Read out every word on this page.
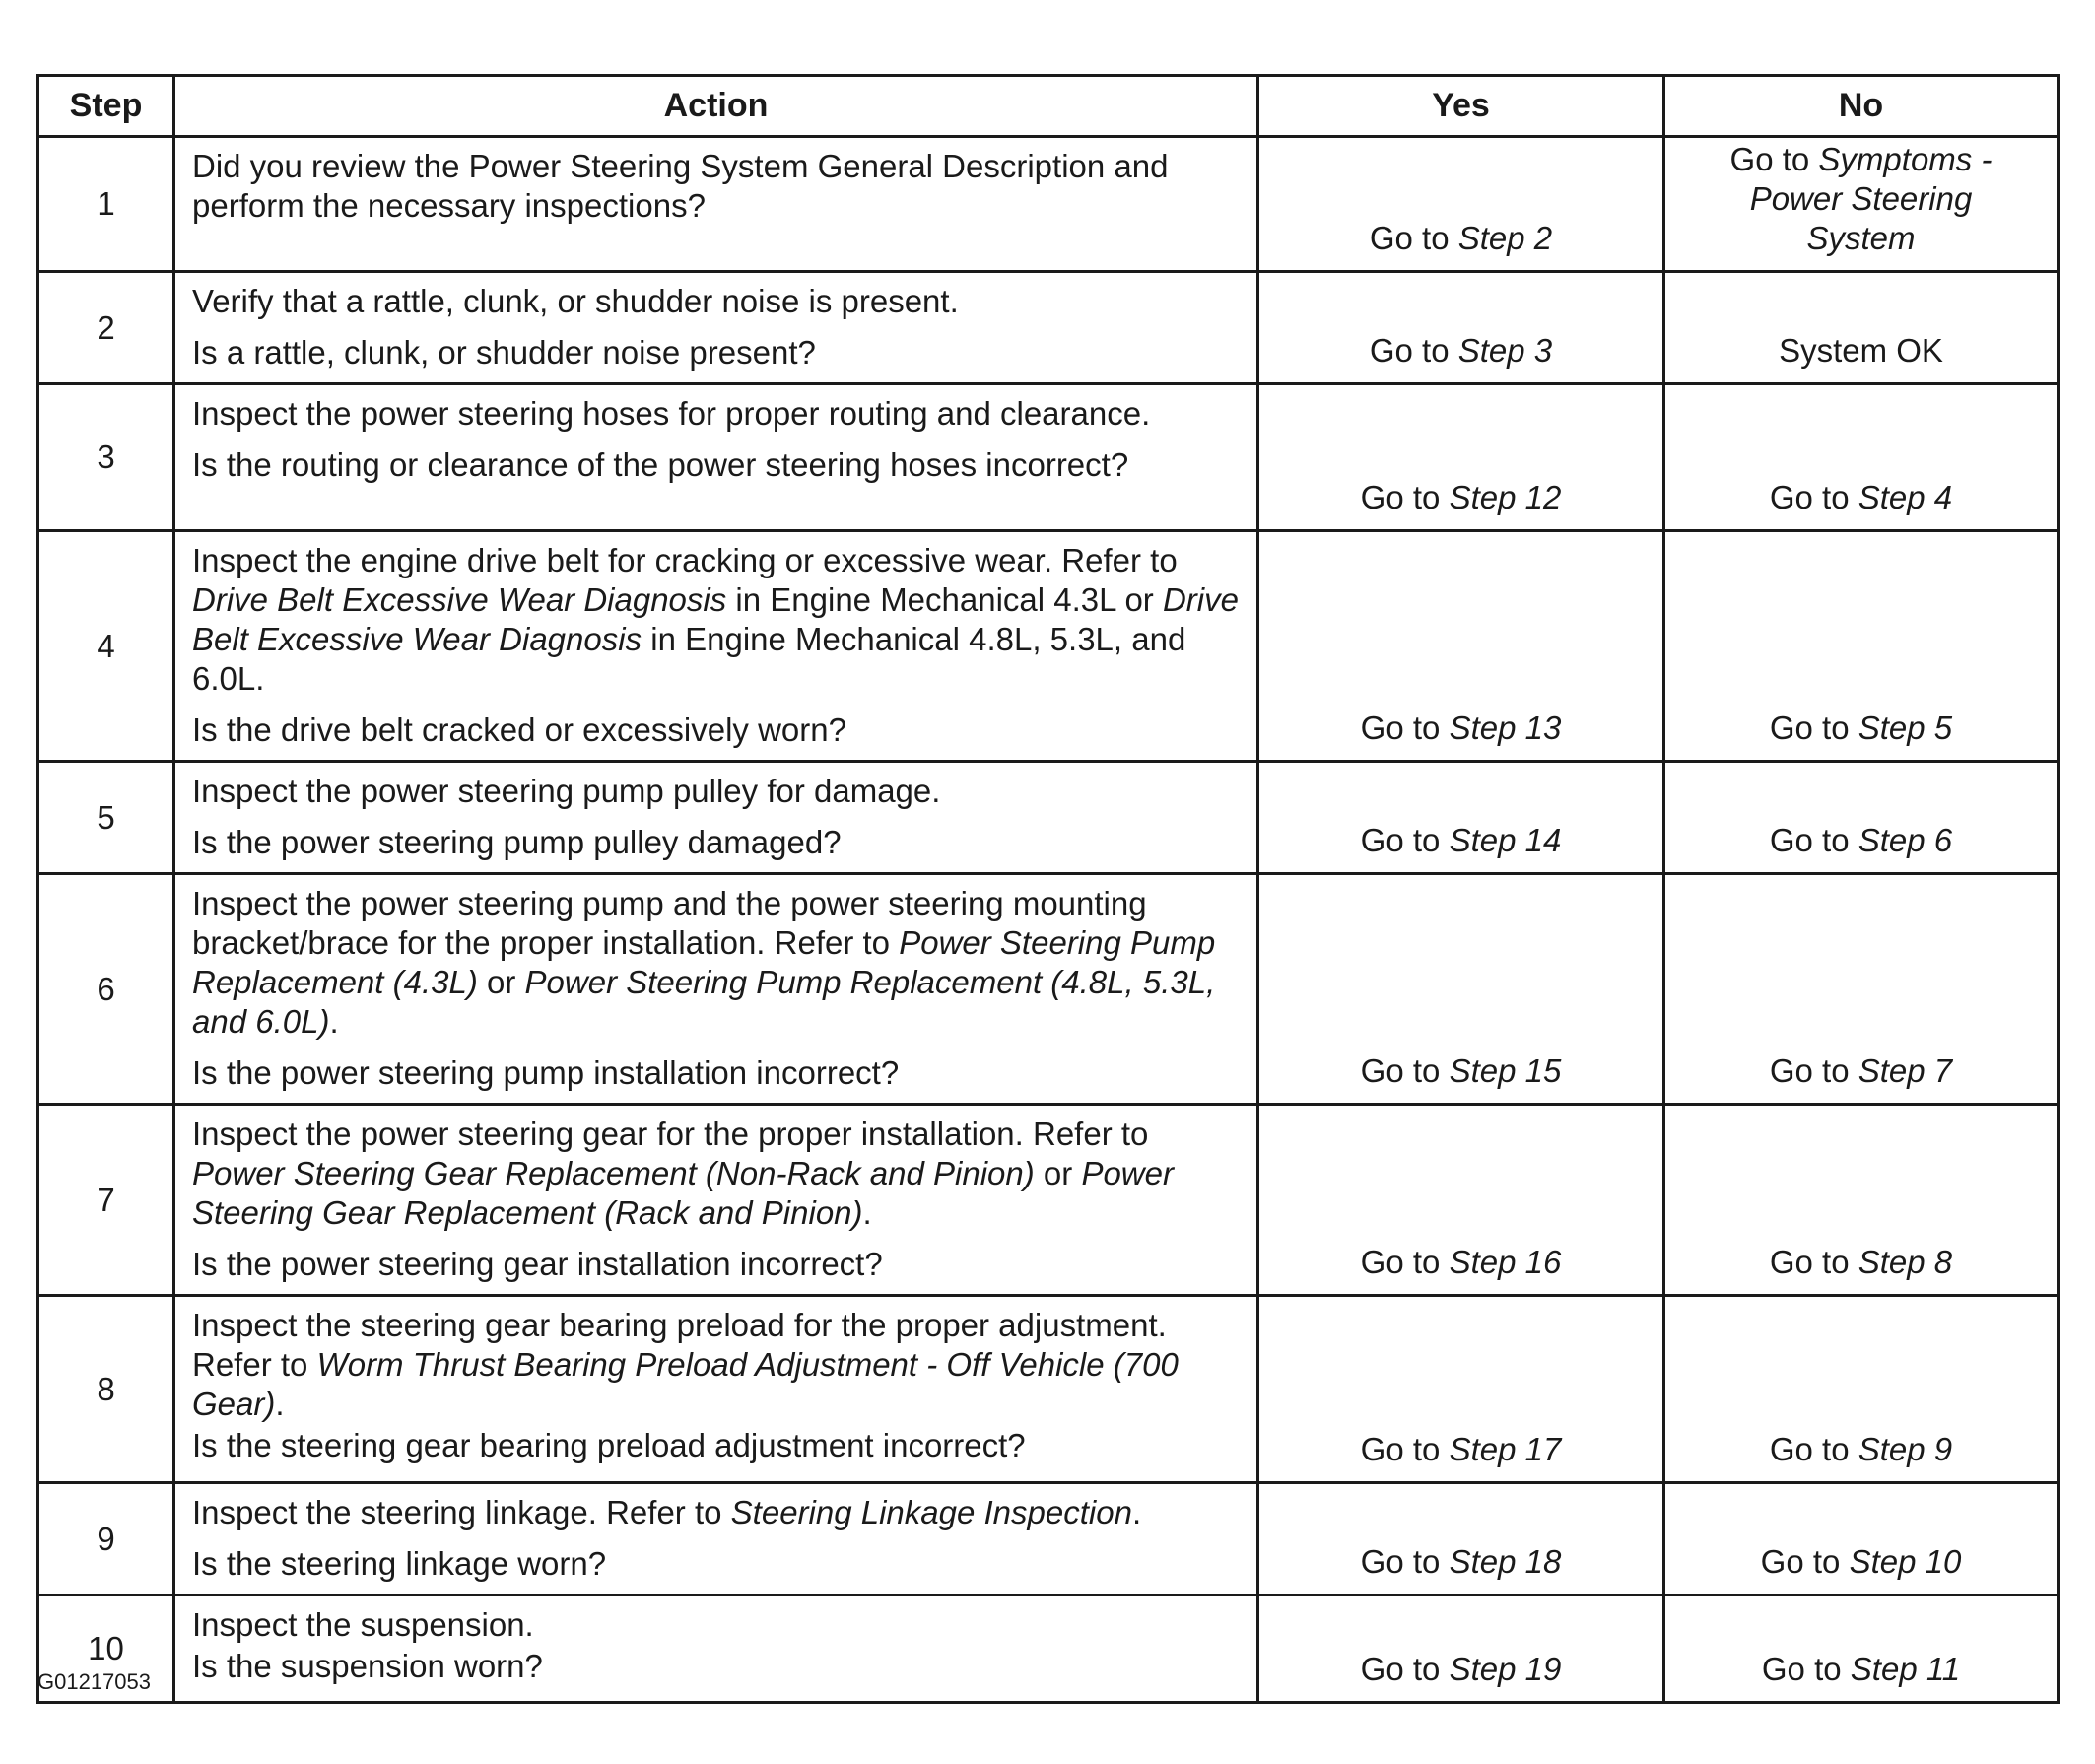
Step	Action	Yes	No
1	Did you review the Power Steering System General Description and perform the necessary inspections?	Go to Step 2	Go to Symptoms - Power Steering System
2	Verify that a rattle, clunk, or shudder noise is present.

Is a rattle, clunk, or shudder noise present?	Go to Step 3	System OK
3	Inspect the power steering hoses for proper routing and clearance.

Is the routing or clearance of the power steering hoses incorrect?	Go to Step 12	Go to Step 4
4	Inspect the engine drive belt for cracking or excessive wear. Refer to Drive Belt Excessive Wear Diagnosis in Engine Mechanical 4.3L or Drive Belt Excessive Wear Diagnosis in Engine Mechanical 4.8L, 5.3L, and 6.0L.

Is the drive belt cracked or excessively worn?	Go to Step 13	Go to Step 5
5	Inspect the power steering pump pulley for damage.

Is the power steering pump pulley damaged?	Go to Step 14	Go to Step 6
6	Inspect the power steering pump and the power steering mounting bracket/brace for the proper installation. Refer to Power Steering Pump Replacement (4.3L) or Power Steering Pump Replacement (4.8L, 5.3L, and 6.0L).

Is the power steering pump installation incorrect?	Go to Step 15	Go to Step 7
7	Inspect the power steering gear for the proper installation. Refer to Power Steering Gear Replacement (Non-Rack and Pinion) or Power Steering Gear Replacement (Rack and Pinion).

Is the power steering gear installation incorrect?	Go to Step 16	Go to Step 8
8	Inspect the steering gear bearing preload for the proper adjustment. Refer to Worm Thrust Bearing Preload Adjustment - Off Vehicle (700 Gear).

Is the steering gear bearing preload adjustment incorrect?	Go to Step 17	Go to Step 9
9	Inspect the steering linkage. Refer to Steering Linkage Inspection.

Is the steering linkage worn?	Go to Step 18	Go to Step 10
10	Inspect the suspension.

Is the suspension worn?	Go to Step 19	Go to Step 11
G01217053
